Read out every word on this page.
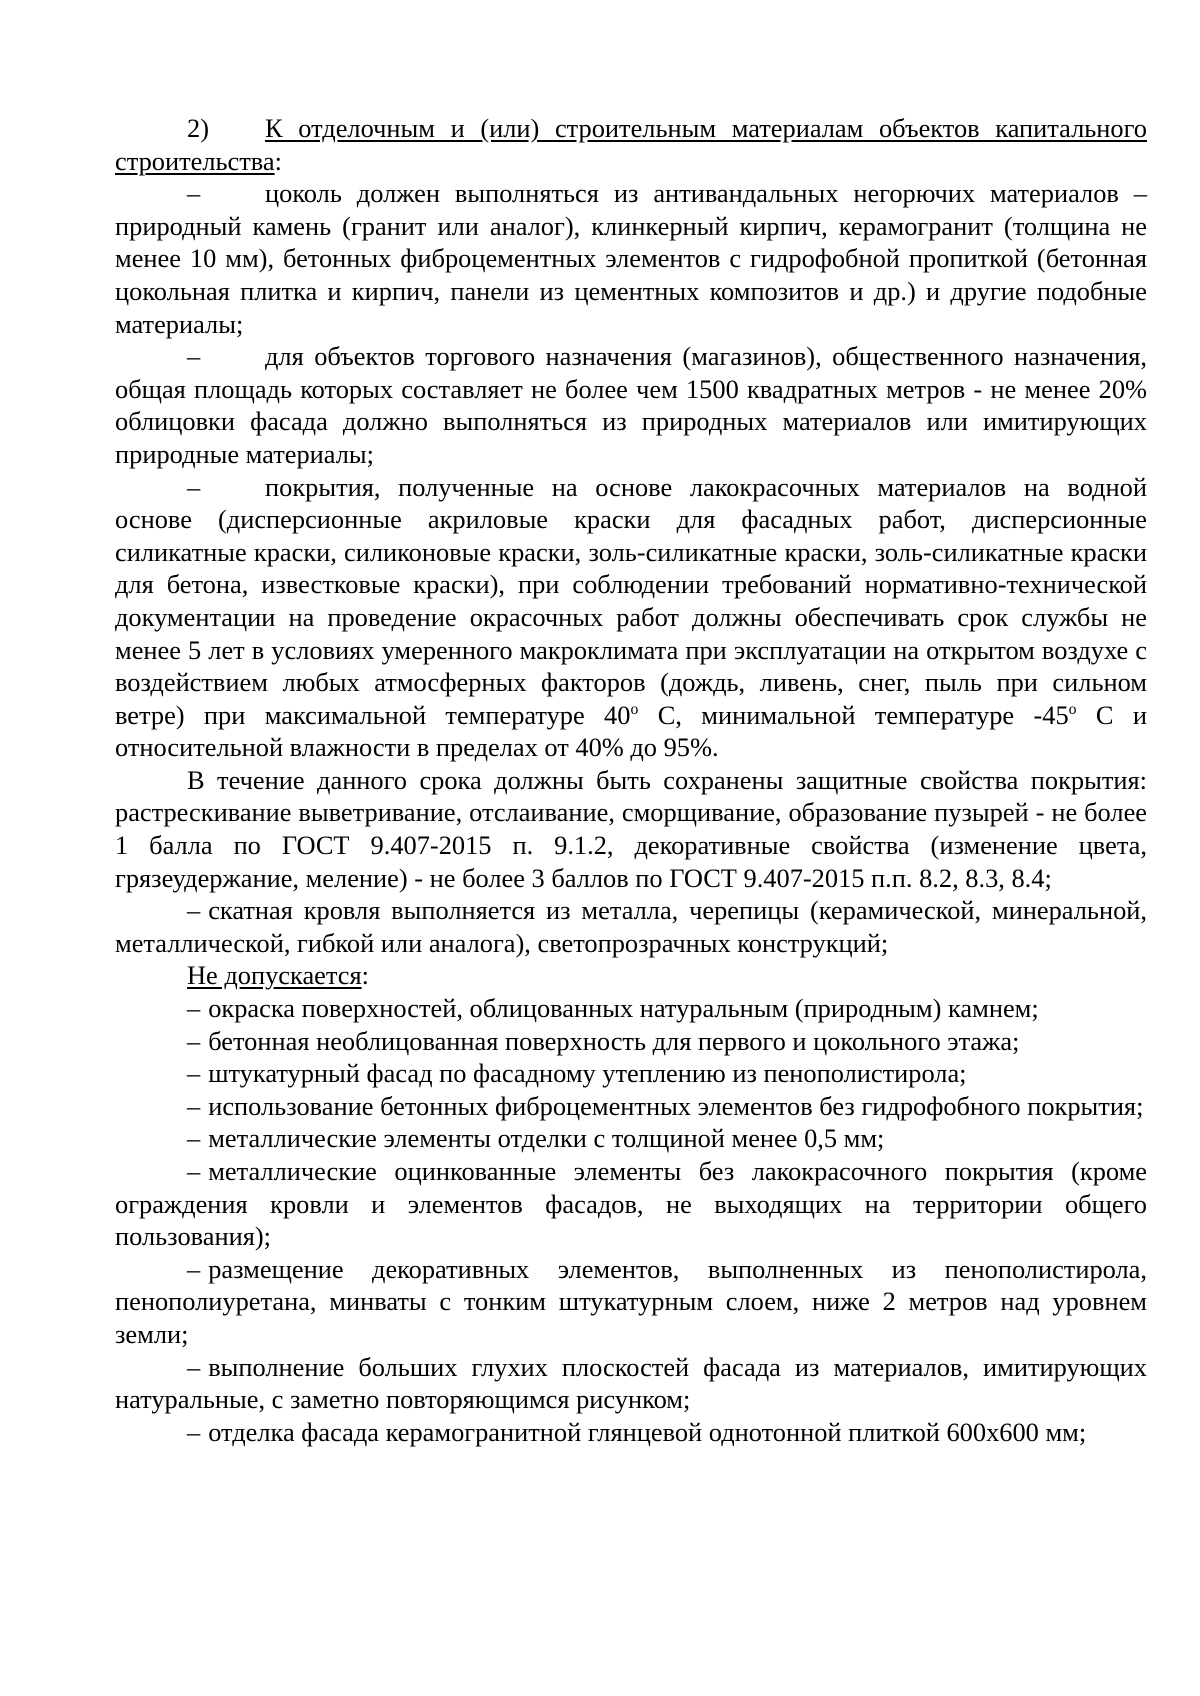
2) К отделочным и (или) строительным материалам объектов капитального строительства:

– цоколь должен выполняться из антивандальных негорючих материалов – природный камень (гранит или аналог), клинкерный кирпич, керамогранит (толщина не менее 10 мм), бетонных фиброцементных элементов с гидрофобной пропиткой (бетонная цокольная плитка и кирпич, панели из цементных композитов и др.) и другие подобные материалы;

– для объектов торгового назначения (магазинов), общественного назначения, общая площадь которых составляет не более чем 1500 квадратных метров - не менее 20% облицовки фасада должно выполняться из природных материалов или имитирующих природные материалы;

– покрытия, полученные на основе лакокрасочных материалов на водной основе (дисперсионные акриловые краски для фасадных работ, дисперсионные силикатные краски, силиконовые краски, золь-силикатные краски, золь-силикатные краски для бетона, известковые краски), при соблюдении требований нормативно-технической документации на проведение окрасочных работ должны обеспечивать срок службы не менее 5 лет в условиях умеренного макроклимата при эксплуатации на открытом воздухе с воздействием любых атмосферных факторов (дождь, ливень, снег, пыль при сильном ветре) при максимальной температуре 40$^o$ С, минимальной температуре -45$^o$ С и относительной влажности в пределах от 40% до 95%.

В течение данного срока должны быть сохранены защитные свойства покрытия: растрескивание выветривание, отслаивание, сморщивание, образование пузырей - не более 1 балла по ГОСТ 9.407-2015 п. 9.1.2, декоративные свойства (изменение цвета, грязеудержание, меление) - не более 3 баллов по ГОСТ 9.407-2015 п.п. 8.2, 8.3, 8.4;

– скатная кровля выполняется из металла, черепицы (керамической, минеральной, металлической, гибкой или аналога), светопрозрачных конструкций;

Не допускается:

– окраска поверхностей, облицованных натуральным (природным) камнем;

– бетонная необлицованная поверхность для первого и цокольного этажа;

– штукатурный фасад по фасадному утеплению из пенополистирола;

– использование бетонных фиброцементных элементов без гидрофобного покрытия;

– металлические элементы отделки с толщиной менее 0,5 мм;

– металлические оцинкованные элементы без лакокрасочного покрытия (кроме ограждения кровли и элементов фасадов, не выходящих на территории общего пользования);

– размещение декоративных элементов, выполненных из пенополистирола, пенополиуретана, минваты с тонким штукатурным слоем, ниже 2 метров над уровнем земли;

– выполнение больших глухих плоскостей фасада из материалов, имитирующих натуральные, с заметно повторяющимся рисунком;

– отделка фасада керамогранитной глянцевой однотонной плиткой 600х600 мм;
